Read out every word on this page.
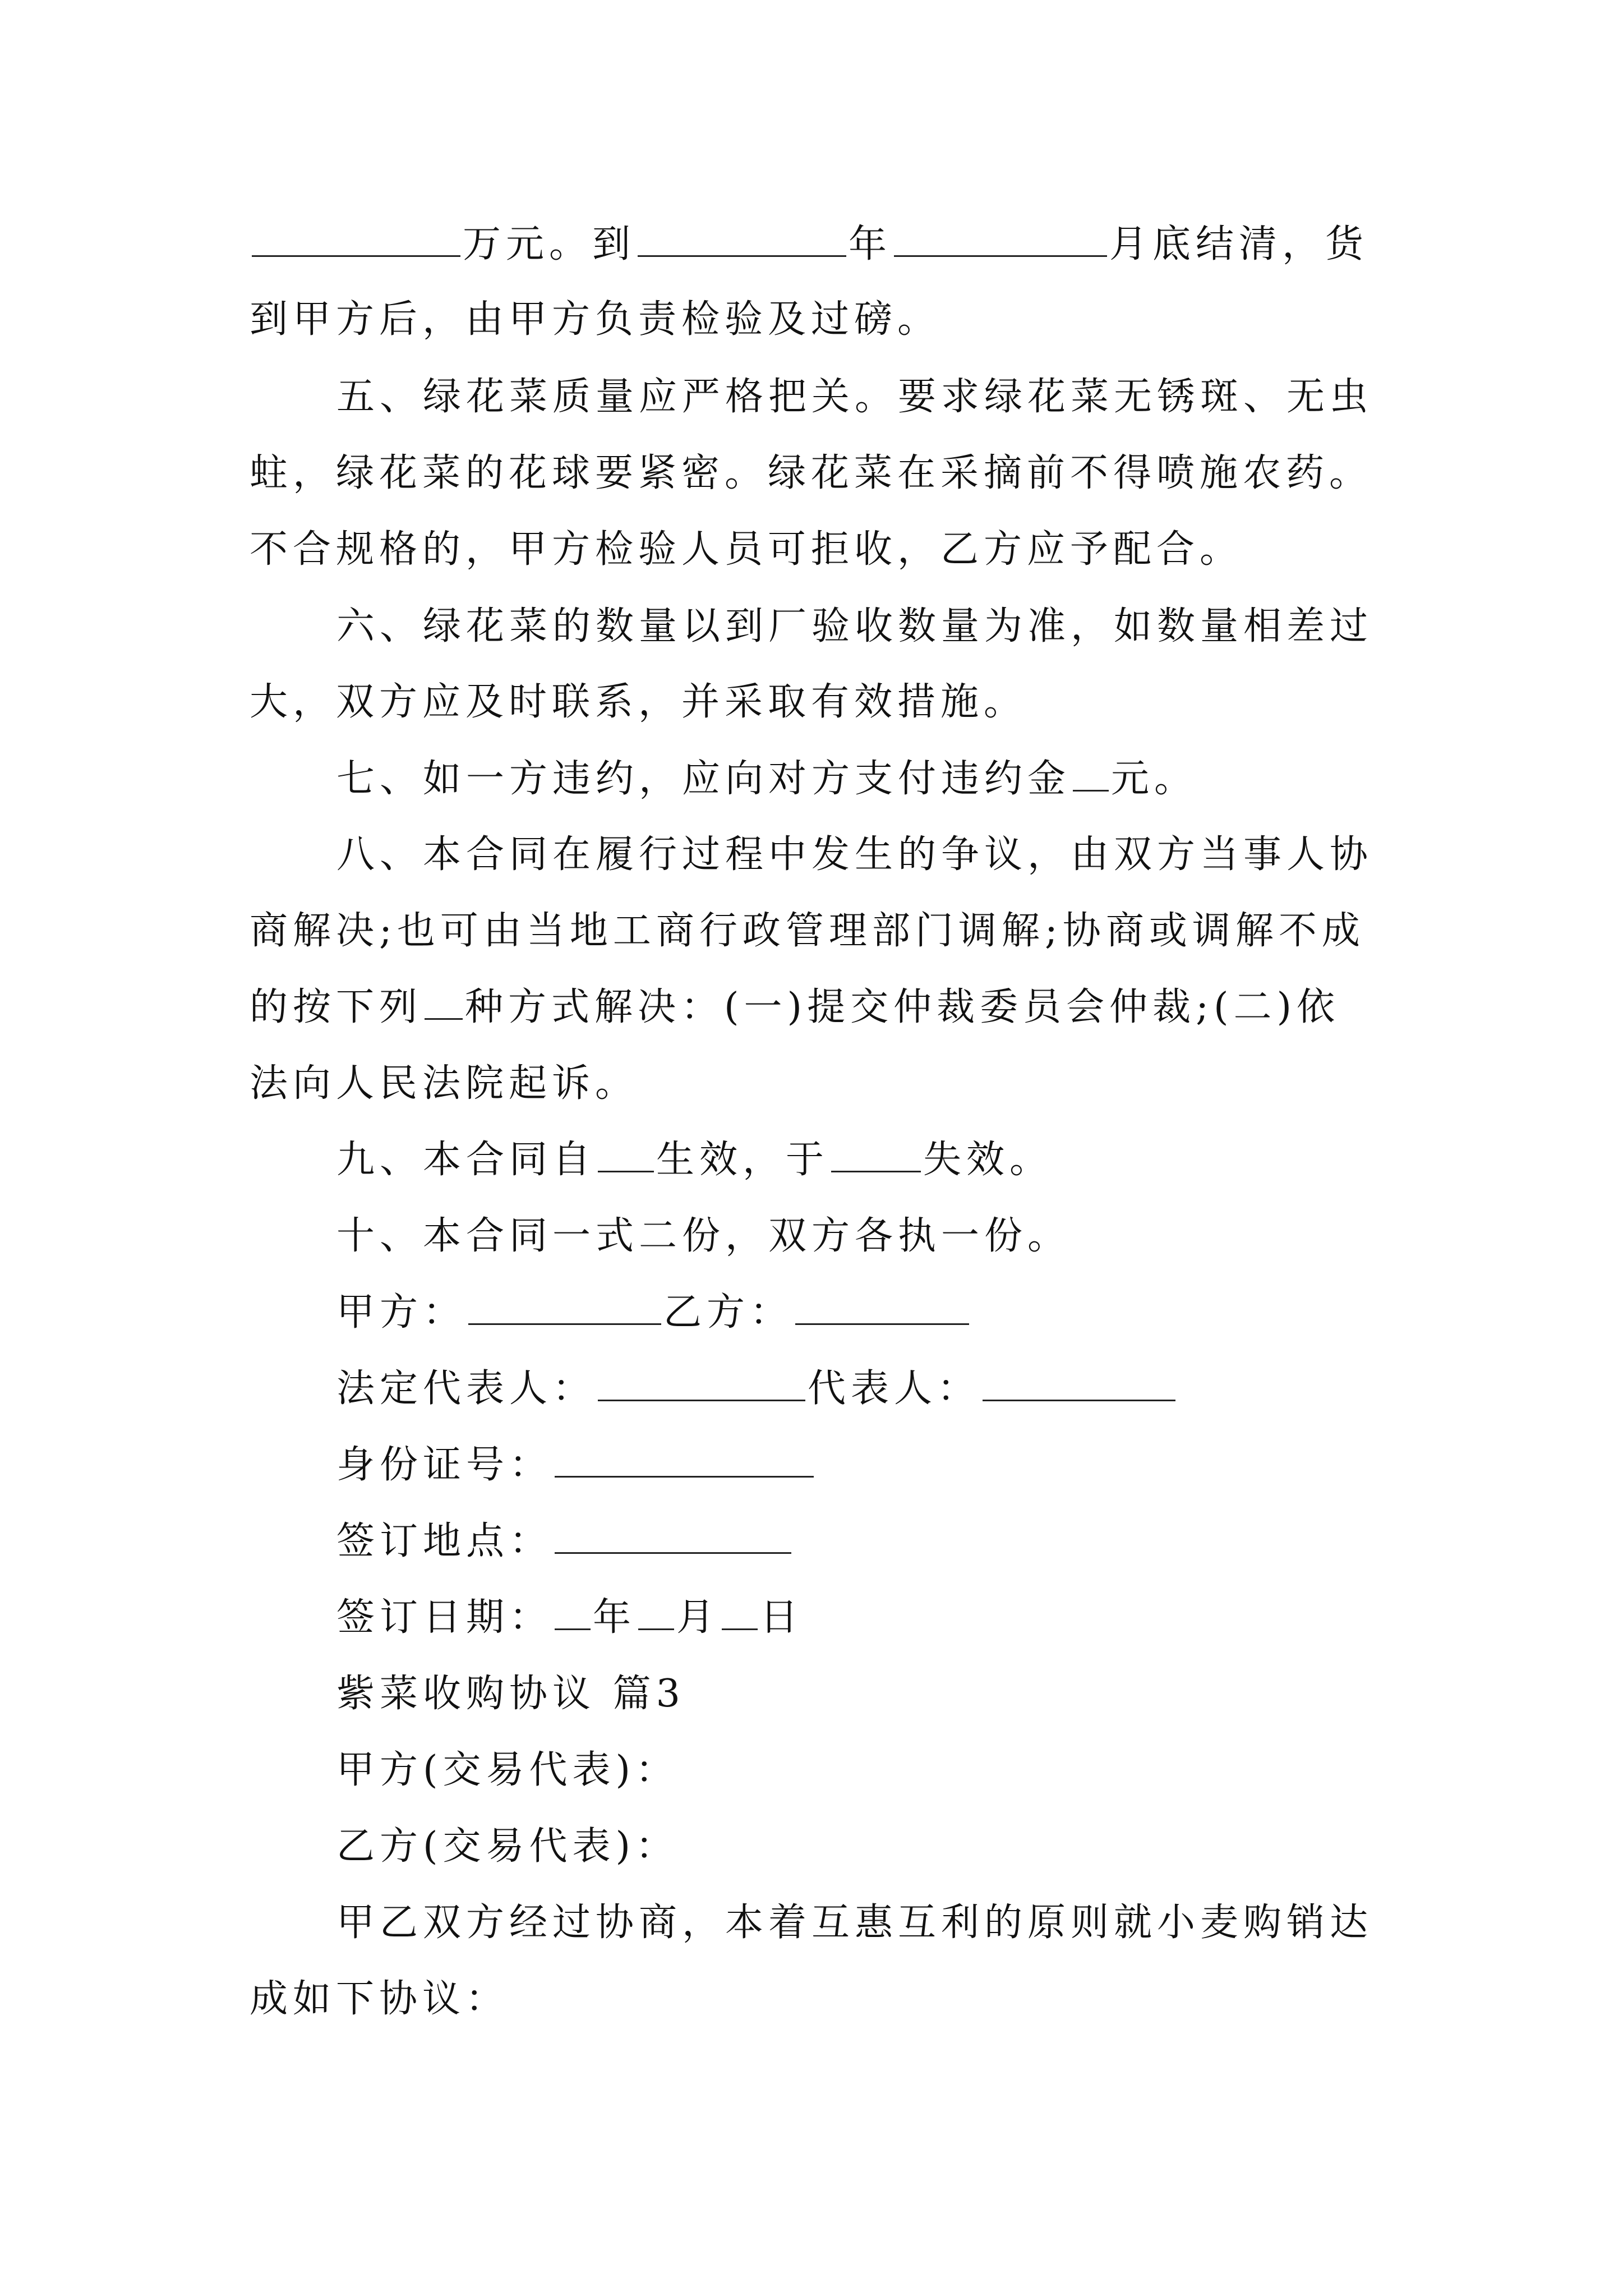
万元。到	年	月底结清，货
到甲方后，由甲方负责检验及过磅。
五、绿花菜质量应严格把关。要求绿花菜无锈斑、无虫
蛀，绿花菜的花球要紧密。绿花菜在采摘前不得喷施农药。
不合规格的，甲方检验人员可拒收，乙方应予配合。
六、绿花菜的数量以到厂验收数量为准，如数量相差过
大，双方应及时联系，并采取有效措施。
七、如一方违约，应向对方支付违约金 元。
八、本合同在履行过程中发生的争议，由双方当事人协
商解决;也可由当地工商行政管理部门调解;协商或调解不成
的按下列 种方式解决：(一)提交仲裁委员会仲裁;(二)依
法向人民法院起诉。
九、本合同自 生效，于 失效。
十、本合同一式二份，双方各执一份。
甲方：	乙方：
法定代表人：	代表人：
身份证号：
签订地点：
签订日期： 年 月 日
紫菜收购协议 篇3
甲方(交易代表)：
乙方(交易代表)：
甲乙双方经过协商，本着互惠互利的原则就小麦购销达
成如下协议：
